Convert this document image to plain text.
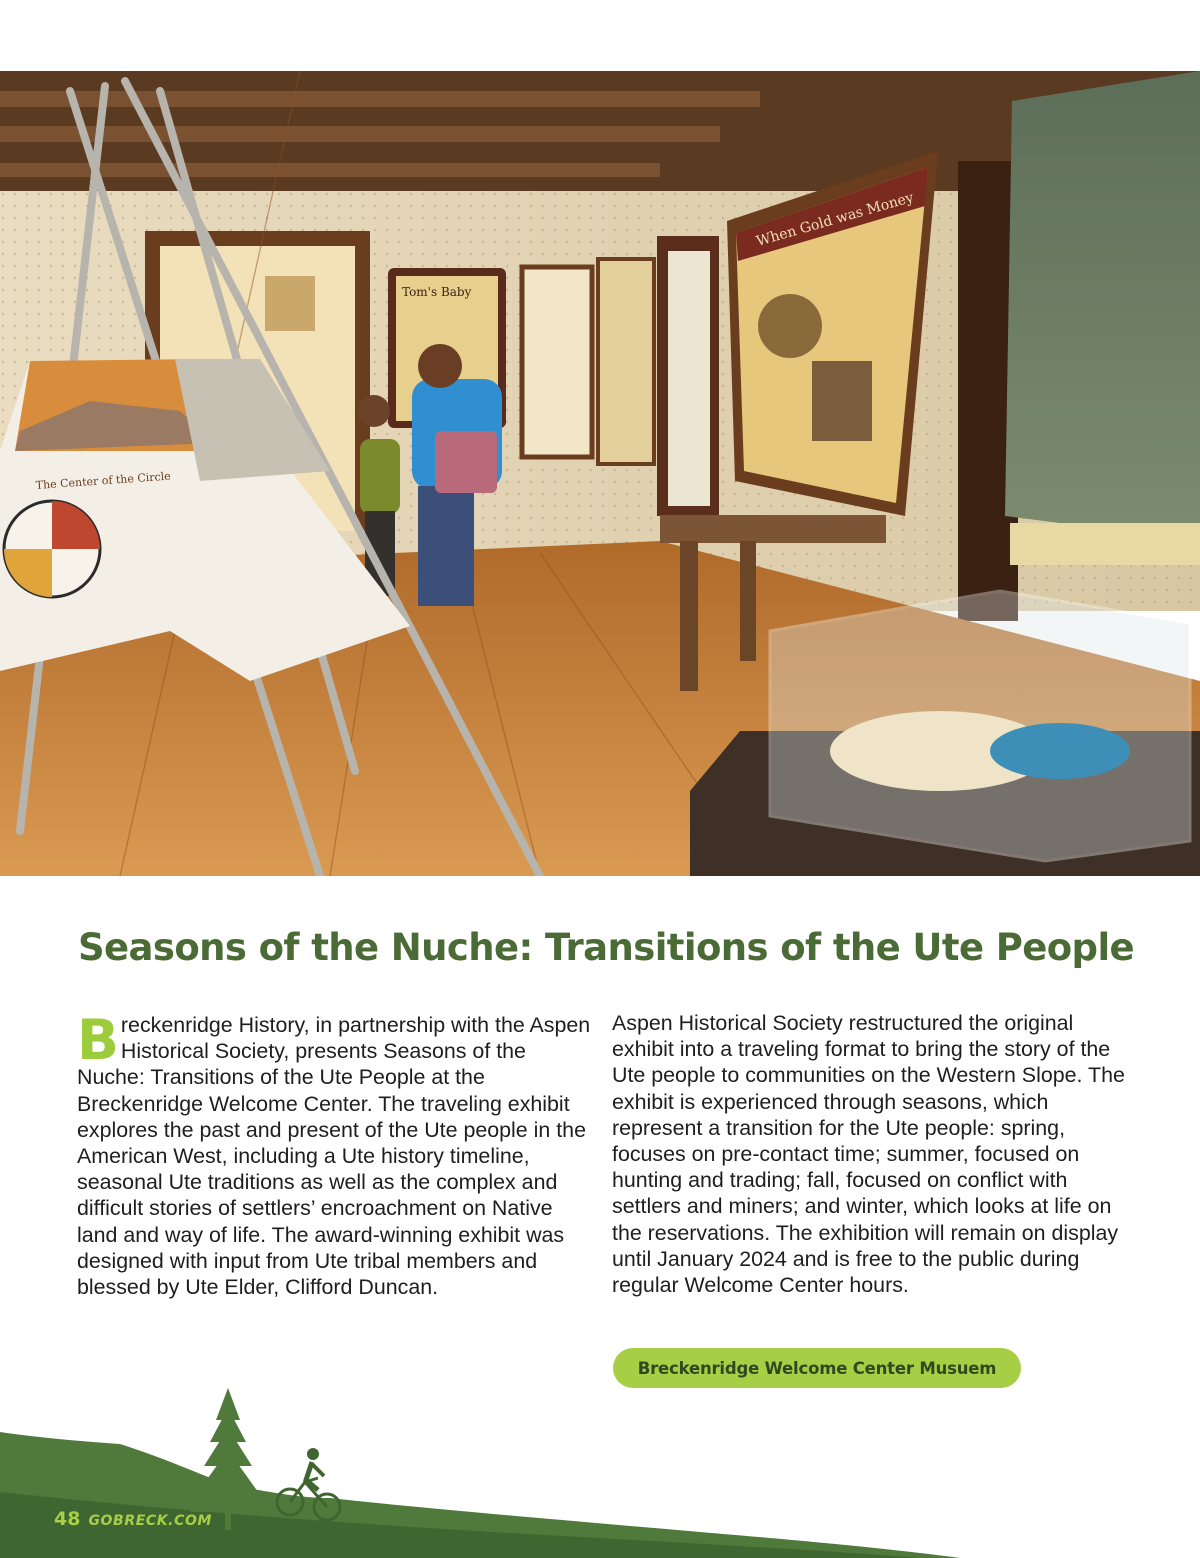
Tom's Baby
When Gold was Money
The Center of the Circle
Seasons of the Nuche: Transitions of the Ute People

Breckenridge History, in partnership with the Aspen Historical Society, presents Seasons of the Nuche: Transitions of the Ute People at the Breckenridge Welcome Center. The traveling exhibit explores the past and present of the Ute people in the American West, including a Ute history timeline, seasonal Ute traditions as well as the complex and difficult stories of settlers’ encroachment on Native land and way of life. The award-winning exhibit was designed with input from Ute tribal members and blessed by Ute Elder, Clifford Duncan.

Aspen Historical Society restructured the original exhibit into a traveling format to bring the story of the Ute people to communities on the Western Slope. The exhibit is experienced through seasons, which represent a transition for the Ute people: spring, focuses on pre-contact time; summer, focused on hunting and trading; fall, focused on conflict with settlers and miners; and winter, which looks at life on the reservations. The exhibition will remain on display until January 2024 and is free to the public during regular Welcome Center hours.

Breckenridge Welcome Center Musuem
48 GOBRECK.COM
